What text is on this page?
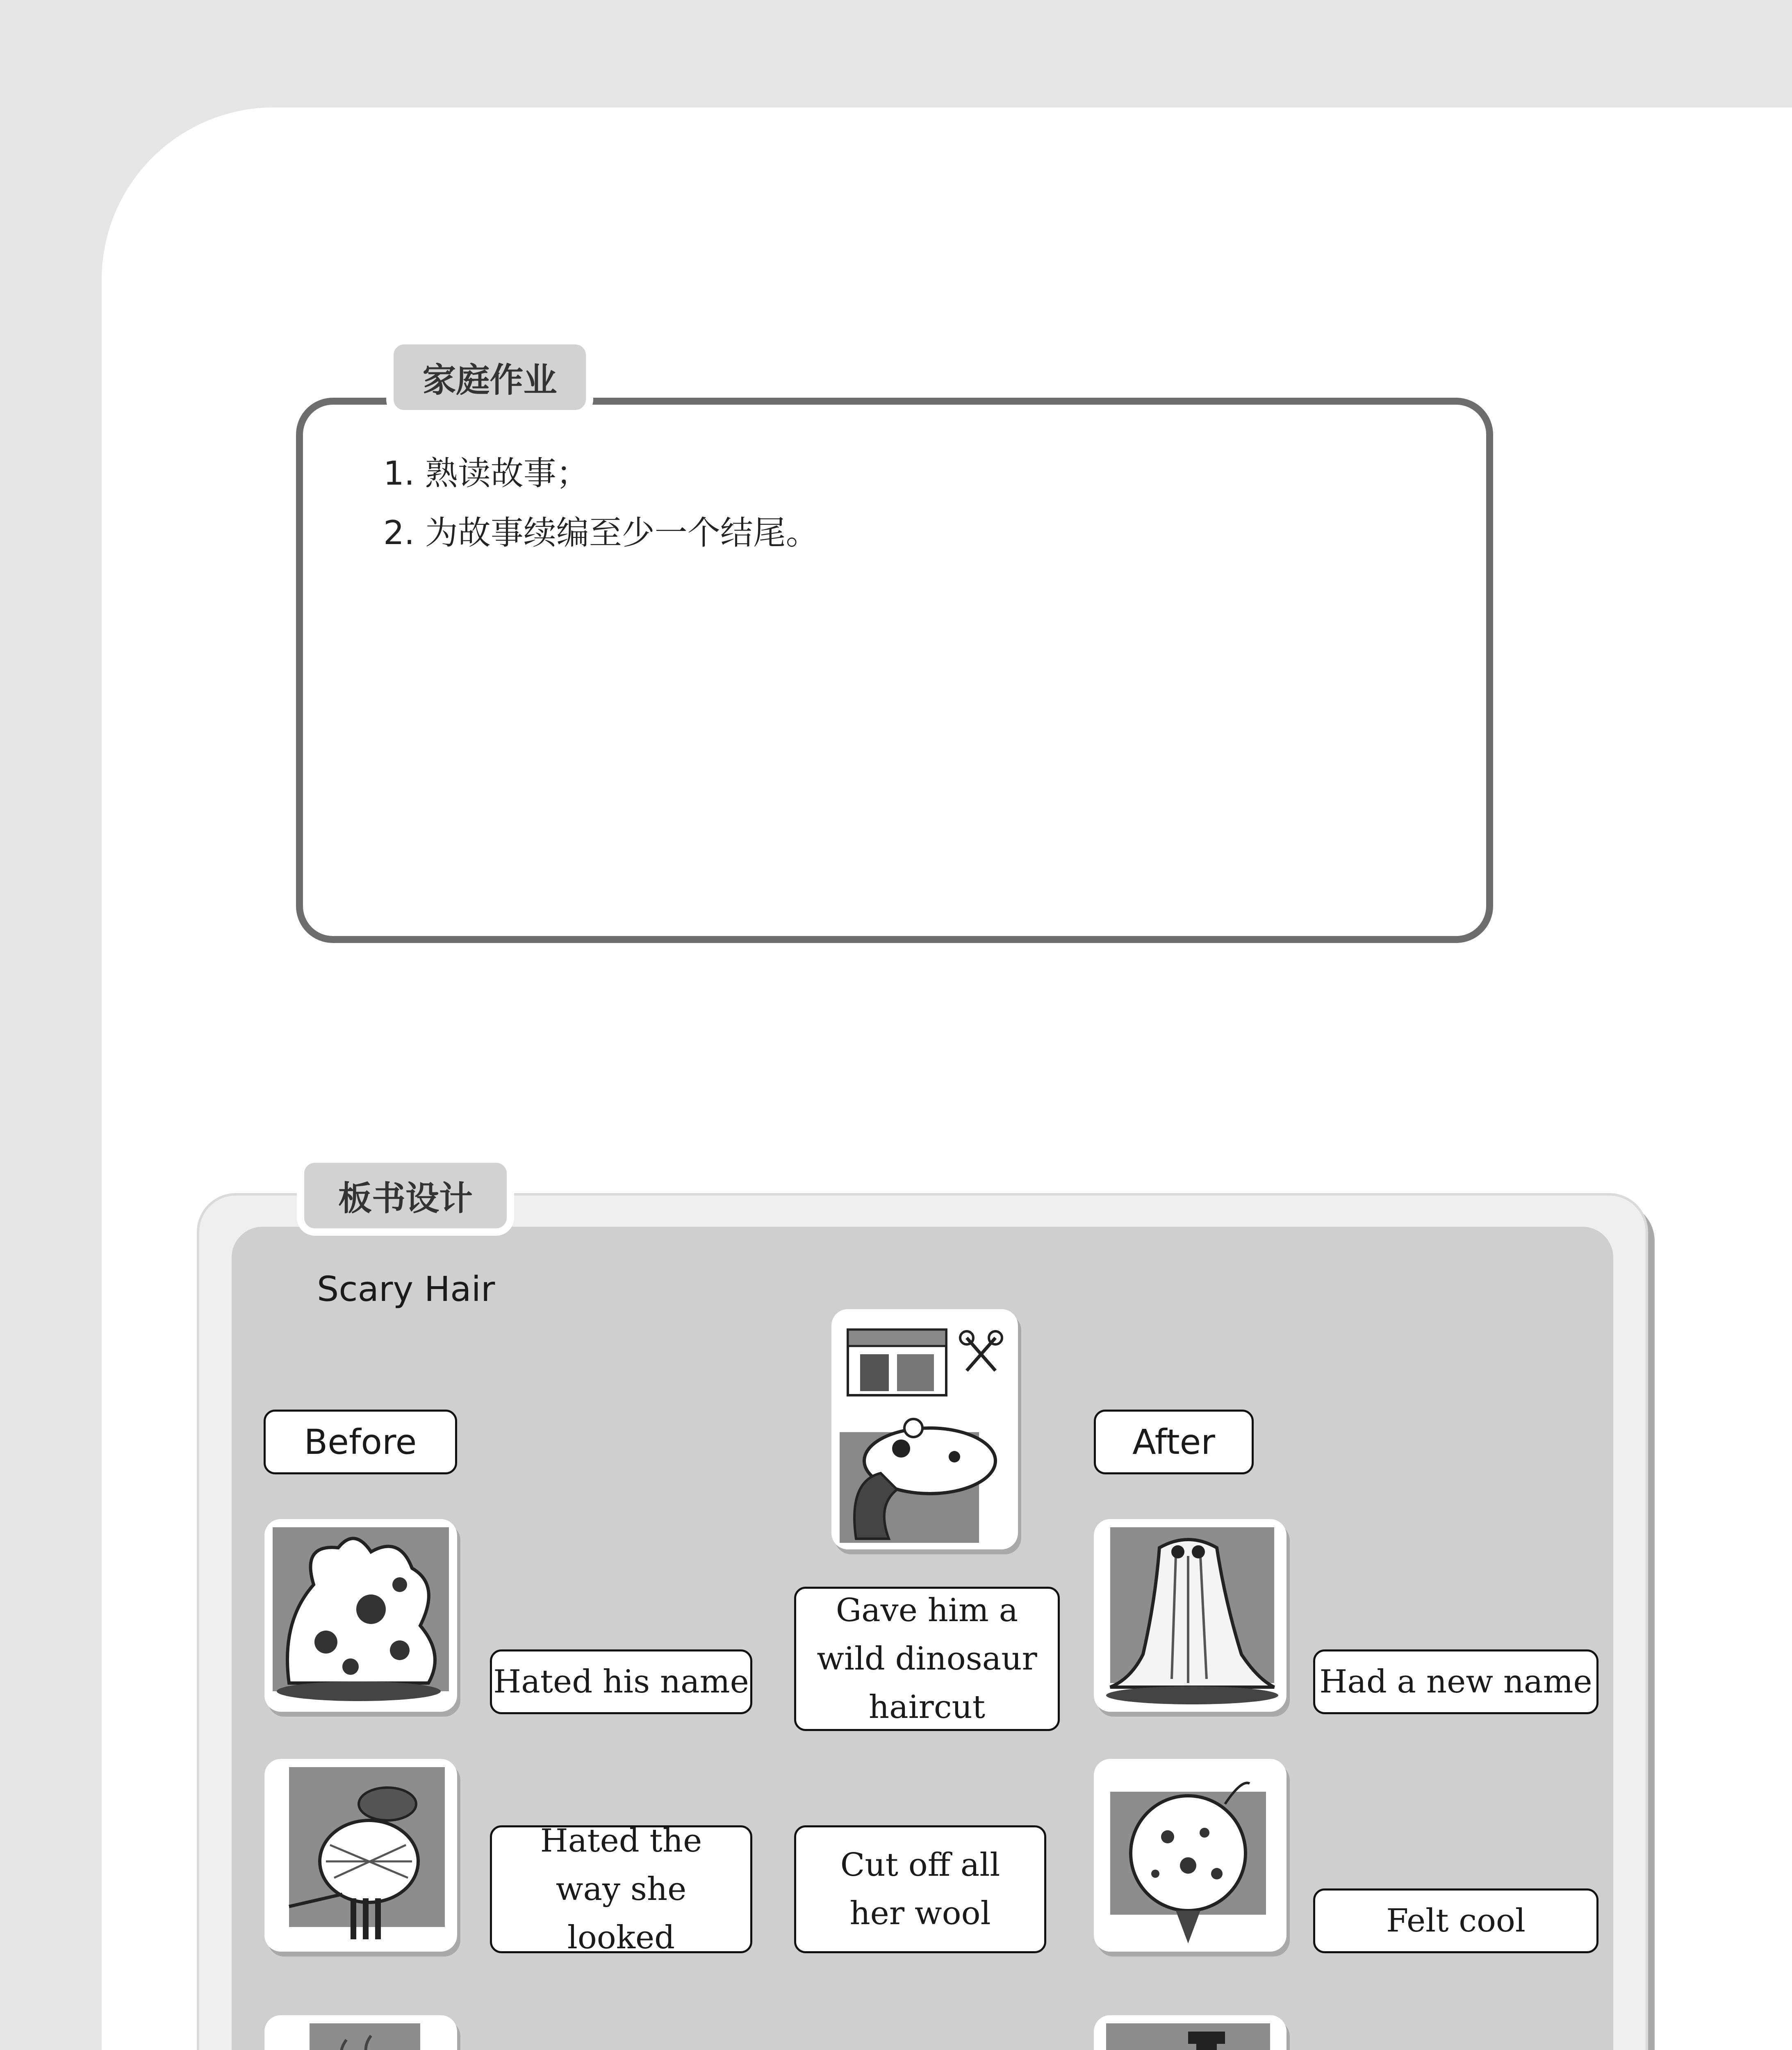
家庭作业
1. 熟读故事；
2. 为故事续编至少一个结尾。
板书设计
Scary Hair
Before	After
Hated his name
Gave him a wild dinosaur haircut
Had a new name
Hated the way she looked
Cut off all her wool	Felt cool
